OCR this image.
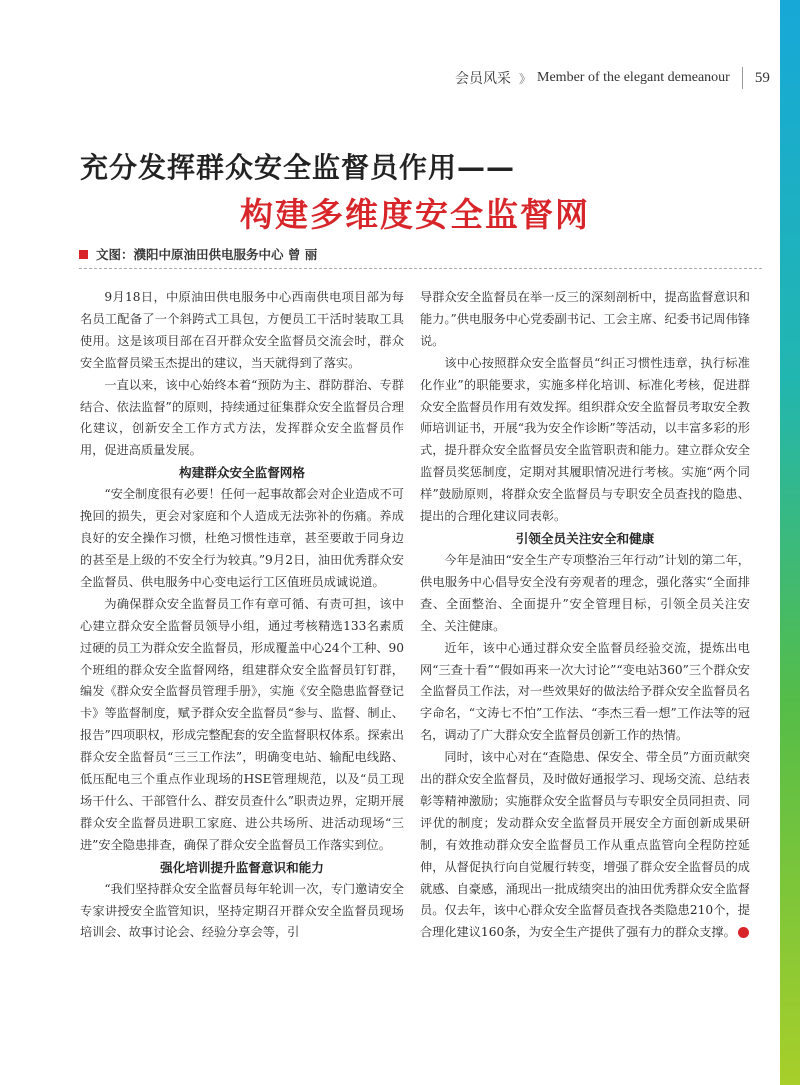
会员风采 》 Member of the elegant demeanour 59
充分发挥群众安全监督员作用——
构建多维度安全监督网
文图：濮阳中原油田供电服务中心 曾 丽

9月18日，中原油田供电服务中心西南供电项目部为每名员工配备了一个斜跨式工具包，方便员工干活时装取工具使用。这是该项目部在召开群众安全监督员交流会时，群众安全监督员梁玉杰提出的建议，当天就得到了落实。

一直以来，该中心始终本着“预防为主、群防群治、专群结合、依法监督”的原则，持续通过征集群众安全监督员合理化建议，创新安全工作方式方法，发挥群众安全监督员作用，促进高质量发展。

构建群众安全监督网格

“安全制度很有必要！任何一起事故都会对企业造成不可挽回的损失，更会对家庭和个人造成无法弥补的伤痛。养成良好的安全操作习惯，杜绝习惯性违章，甚至要敢于同身边的甚至是上级的不安全行为较真。”9月2日，油田优秀群众安全监督员、供电服务中心变电运行工区值班员成诚说道。

为确保群众安全监督员工作有章可循、有责可担，该中心建立群众安全监督员领导小组，通过考核精选133名素质过硬的员工为群众安全监督员，形成覆盖中心24个工种、90个班组的群众安全监督网络，组建群众安全监督员钉钉群，编发《群众安全监督员管理手册》，实施《安全隐患监督登记卡》等监督制度，赋予群众安全监督员“参与、监督、制止、报告”四项职权，形成完整配套的安全监督职权体系。探索出群众安全监督员“三三工作法”，明确变电站、输配电线路、低压配电三个重点作业现场的HSE管理规范，以及“员工现场干什么、干部管什么、群安员查什么”职责边界，定期开展群众安全监督员进职工家庭、进公共场所、进活动现场“三进”安全隐患排查，确保了群众安全监督员工作落实到位。

强化培训提升监督意识和能力

“我们坚持群众安全监督员每年轮训一次，专门邀请安全专家讲授安全监管知识，坚持定期召开群众安全监督员现场培训会、故事讨论会、经验分享会等，引

导群众安全监督员在举一反三的深刻剖析中，提高监督意识和能力。”供电服务中心党委副书记、工会主席、纪委书记周伟锋说。

该中心按照群众安全监督员“纠正习惯性违章，执行标准化作业”的职能要求，实施多样化培训、标准化考核，促进群众安全监督员作用有效发挥。组织群众安全监督员考取安全教师培训证书，开展“我为安全作诊断”等活动，以丰富多彩的形式，提升群众安全监督员安全监管职责和能力。建立群众安全监督员奖惩制度，定期对其履职情况进行考核。实施“两个同样”鼓励原则，将群众安全监督员与专职安全员查找的隐患、提出的合理化建议同表彰。

引领全员关注安全和健康

今年是油田“安全生产专项整治三年行动”计划的第二年，供电服务中心倡导安全没有旁观者的理念，强化落实“全面排查、全面整治、全面提升”安全管理目标，引领全员关注安全、关注健康。

近年，该中心通过群众安全监督员经验交流，提炼出电网“三查十看”“假如再来一次大讨论”“变电站360”三个群众安全监督员工作法，对一些效果好的做法给予群众安全监督员名字命名，“文涛七不怕”工作法、“李杰三看一想”工作法等的冠名，调动了广大群众安全监督员创新工作的热情。

同时，该中心对在“查隐患、保安全、带全员”方面贡献突出的群众安全监督员，及时做好通报学习、现场交流、总结表彰等精神激励；实施群众安全监督员与专职安全员同担责、同评优的制度；发动群众安全监督员开展安全方面创新成果研制，有效推动群众安全监督员工作从重点监管向全程防控延伸，从督促执行向自觉履行转变，增强了群众安全监督员的成就感、自豪感，涌现出一批成绩突出的油田优秀群众安全监督员。仅去年，该中心群众安全监督员查找各类隐患210个，提合理化建议160条，为安全生产提供了强有力的群众支撑。	Ⓒ
